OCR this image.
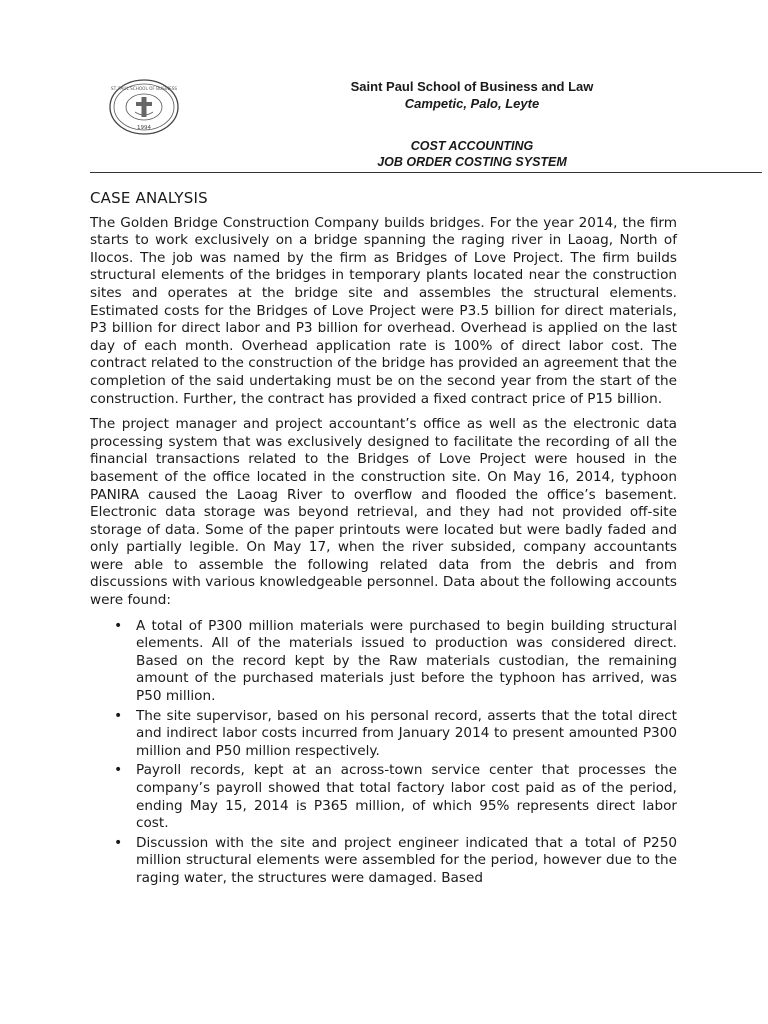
ST. PAUL SCHOOL OF BUSINESS
1994
Saint Paul School of Business and Law
Campetic, Palo, Leyte
COST ACCOUNTING
JOB ORDER COSTING SYSTEM
CASE ANALYSIS

The Golden Bridge Construction Company builds bridges. For the year 2014, the firm starts to work exclusively on a bridge spanning the raging river in Laoag, North of Ilocos. The job was named by the firm as Bridges of Love Project. The firm builds structural elements of the bridges in temporary plants located near the construction sites and operates at the bridge site and assembles the structural elements. Estimated costs for the Bridges of Love Project were P3.5 billion for direct materials, P3 billion for direct labor and P3 billion for overhead. Overhead is applied on the last day of each month. Overhead application rate is 100% of direct labor cost. The contract related to the construction of the bridge has provided an agreement that the completion of the said undertaking must be on the second year from the start of the construction. Further, the contract has provided a fixed contract price of P15 billion.

The project manager and project accountant’s office as well as the electronic data processing system that was exclusively designed to facilitate the recording of all the financial transactions related to the Bridges of Love Project were housed in the basement of the office located in the construction site. On May 16, 2014, typhoon PANIRA caused the Laoag River to overflow and flooded the office’s basement. Electronic data storage was beyond retrieval, and they had not provided off-site storage of data. Some of the paper printouts were located but were badly faded and only partially legible. On May 17, when the river subsided, company accountants were able to assemble the following related data from the debris and from discussions with various knowledgeable personnel. Data about the following accounts were found:

• A total of P300 million materials were purchased to begin building structural elements. All of the materials issued to production was considered direct. Based on the record kept by the Raw materials custodian, the remaining amount of the purchased materials just before the typhoon has arrived, was P50 million.
• The site supervisor, based on his personal record, asserts that the total direct and indirect labor costs incurred from January 2014 to present amounted P300 million and P50 million respectively.
• Payroll records, kept at an across-town service center that processes the company’s payroll showed that total factory labor cost paid as of the period, ending May 15, 2014 is P365 million, of which 95% represents direct labor cost.
• Discussion with the site and project engineer indicated that a total of P250 million structural elements were assembled for the period, however due to the raging water, the structures were damaged. Based
